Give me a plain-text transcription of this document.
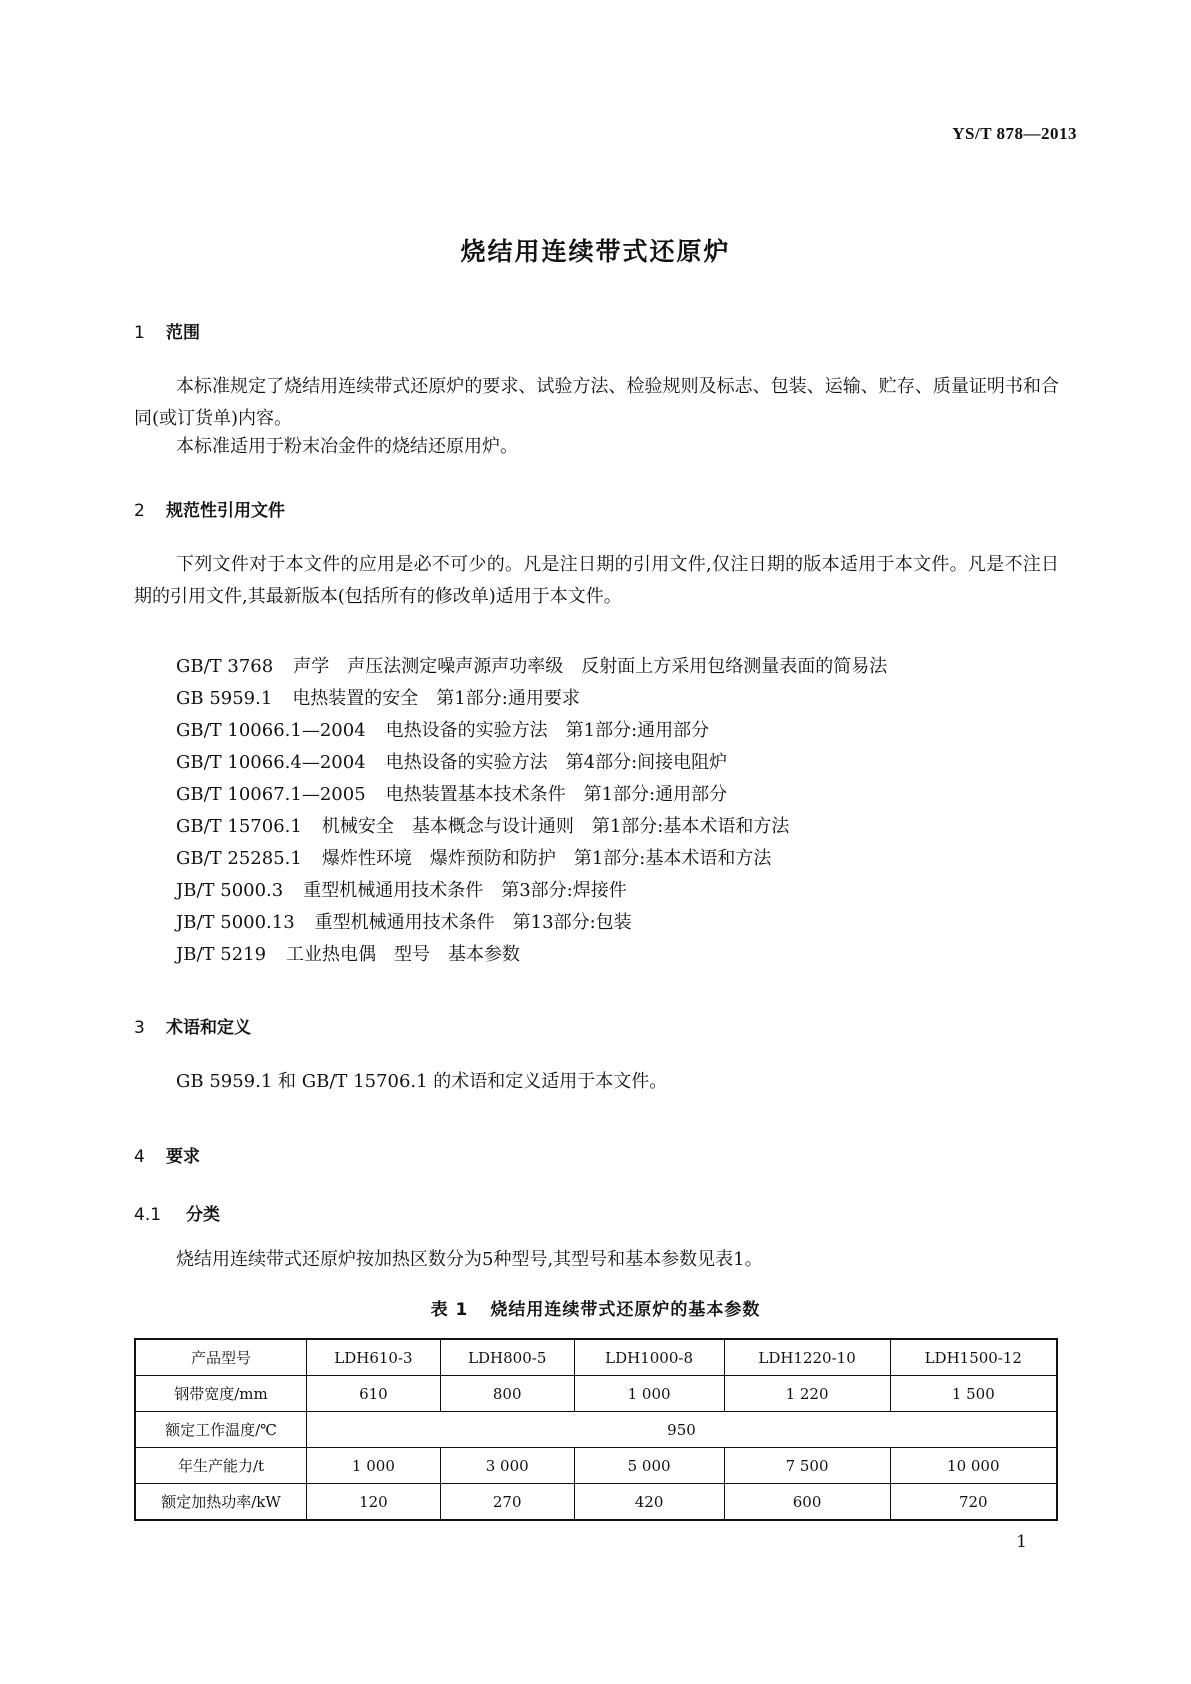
YS/T 878—2013
烧结用连续带式还原炉
1 范围

本标准规定了烧结用连续带式还原炉的要求、试验方法、检验规则及标志、包装、运输、贮存、质量证明书和合同(或订货单)内容。

本标准适用于粉末冶金件的烧结还原用炉。

2 规范性引用文件

下列文件对于本文件的应用是必不可少的。凡是注日期的引用文件,仅注日期的版本适用于本文件。凡是不注日期的引用文件,其最新版本(包括所有的修改单)适用于本文件。

GB/T 3768 声学　声压法测定噪声源声功率级　反射面上方采用包络测量表面的简易法
GB 5959.1 电热装置的安全　第1部分:通用要求
GB/T 10066.1—2004 电热设备的实验方法　第1部分:通用部分
GB/T 10066.4—2004 电热设备的实验方法　第4部分:间接电阻炉
GB/T 10067.1—2005 电热装置基本技术条件　第1部分:通用部分
GB/T 15706.1 机械安全　基本概念与设计通则　第1部分:基本术语和方法
GB/T 25285.1 爆炸性环境　爆炸预防和防护　第1部分:基本术语和方法
JB/T 5000.3 重型机械通用技术条件　第3部分:焊接件
JB/T 5000.13 重型机械通用技术条件　第13部分:包装
JB/T 5219 工业热电偶　型号　基本参数
3 术语和定义

GB 5959.1 和 GB/T 15706.1 的术语和定义适用于本文件。

4 要求
4.1 分类

烧结用连续带式还原炉按加热区数分为5种型号,其型号和基本参数见表1。

表 1 烧结用连续带式还原炉的基本参数
产品型号	LDH610-3	LDH800-5	LDH1000-8	LDH1220-10	LDH1500-12
钢带宽度/mm	610	800	1 000	1 220	1 500
额定工作温度/℃	950				
年生产能力/t	1 000	3 000	5 000	7 500	10 000
额定加热功率/kW	120	270	420	600	720
1
